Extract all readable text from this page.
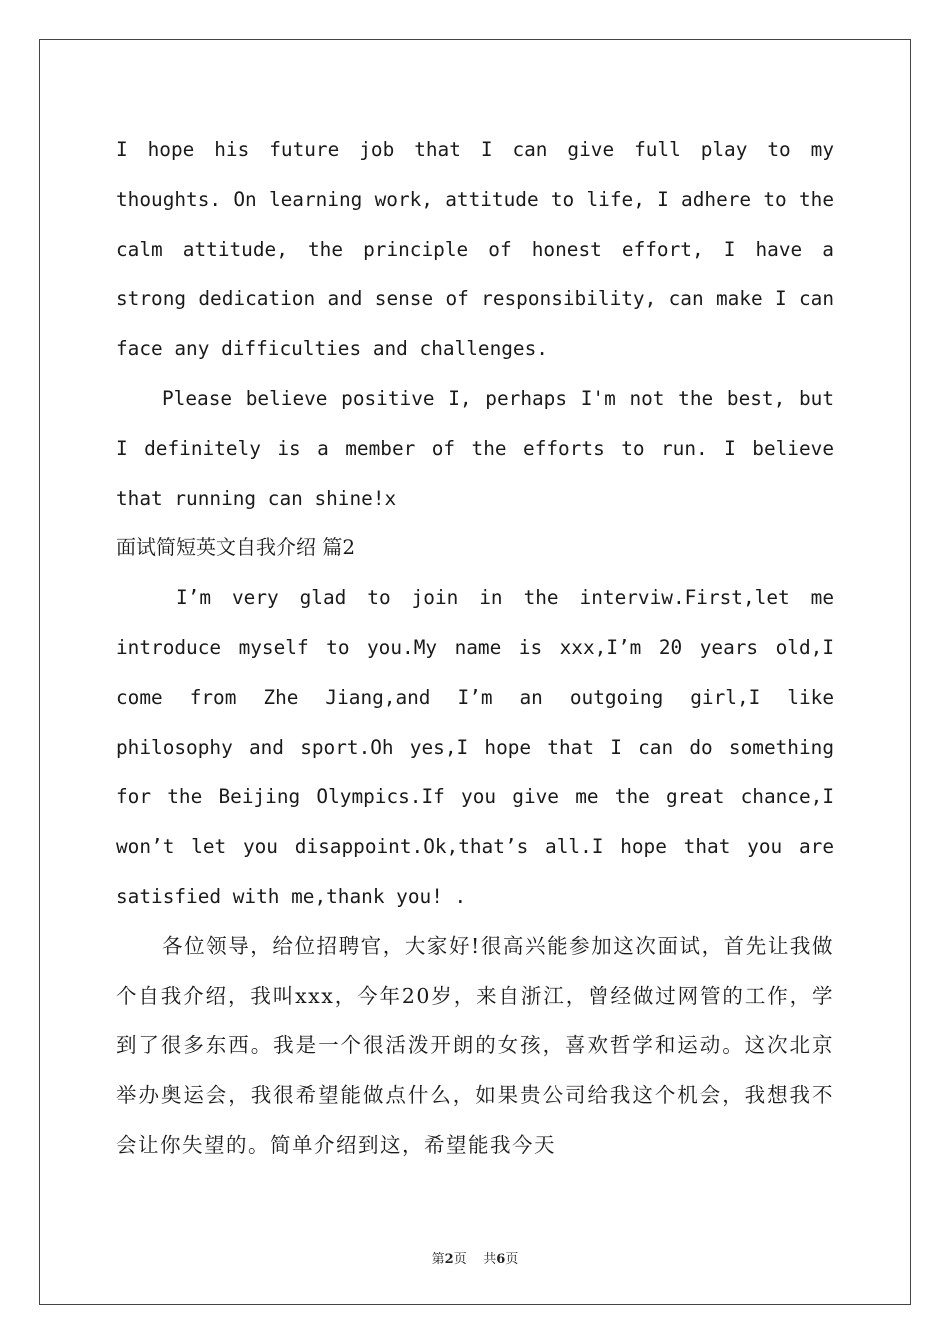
I hope his future job that I can give full play to my thoughts. On learning work, attitude to life, I adhere to the calm attitude, the principle of honest effort, I have a strong dedication and sense of responsibility, can make I can face any difficulties and challenges.

Please believe positive I, perhaps I'm not the best, but I definitely is a member of the efforts to run. I believe that running can shine!x

面试简短英文自我介绍 篇2

I’m very glad to join in the interviw.First,let me introduce myself to you.My name is xxx,I’m 20 years old,I come from Zhe Jiang,and I’m an outgoing girl,I like philosophy and sport.Oh yes,I hope that I can do something for the Beijing Olympics.If you give me the great chance,I won’t let you disappoint.Ok,that’s all.I hope that you are satisfied with me,thank you! .

各位领导，给位招聘官，大家好!很高兴能参加这次面试，首先让我做个自我介绍，我叫xxx，今年20岁，来自浙江，曾经做过网管的工作，学到了很多东西。我是一个很活泼开朗的女孩，喜欢哲学和运动。这次北京举办奥运会，我很希望能做点什么，如果贵公司给我这个机会，我想我不会让你失望的。简单介绍到这，希望能我今天

第2页 共6页
